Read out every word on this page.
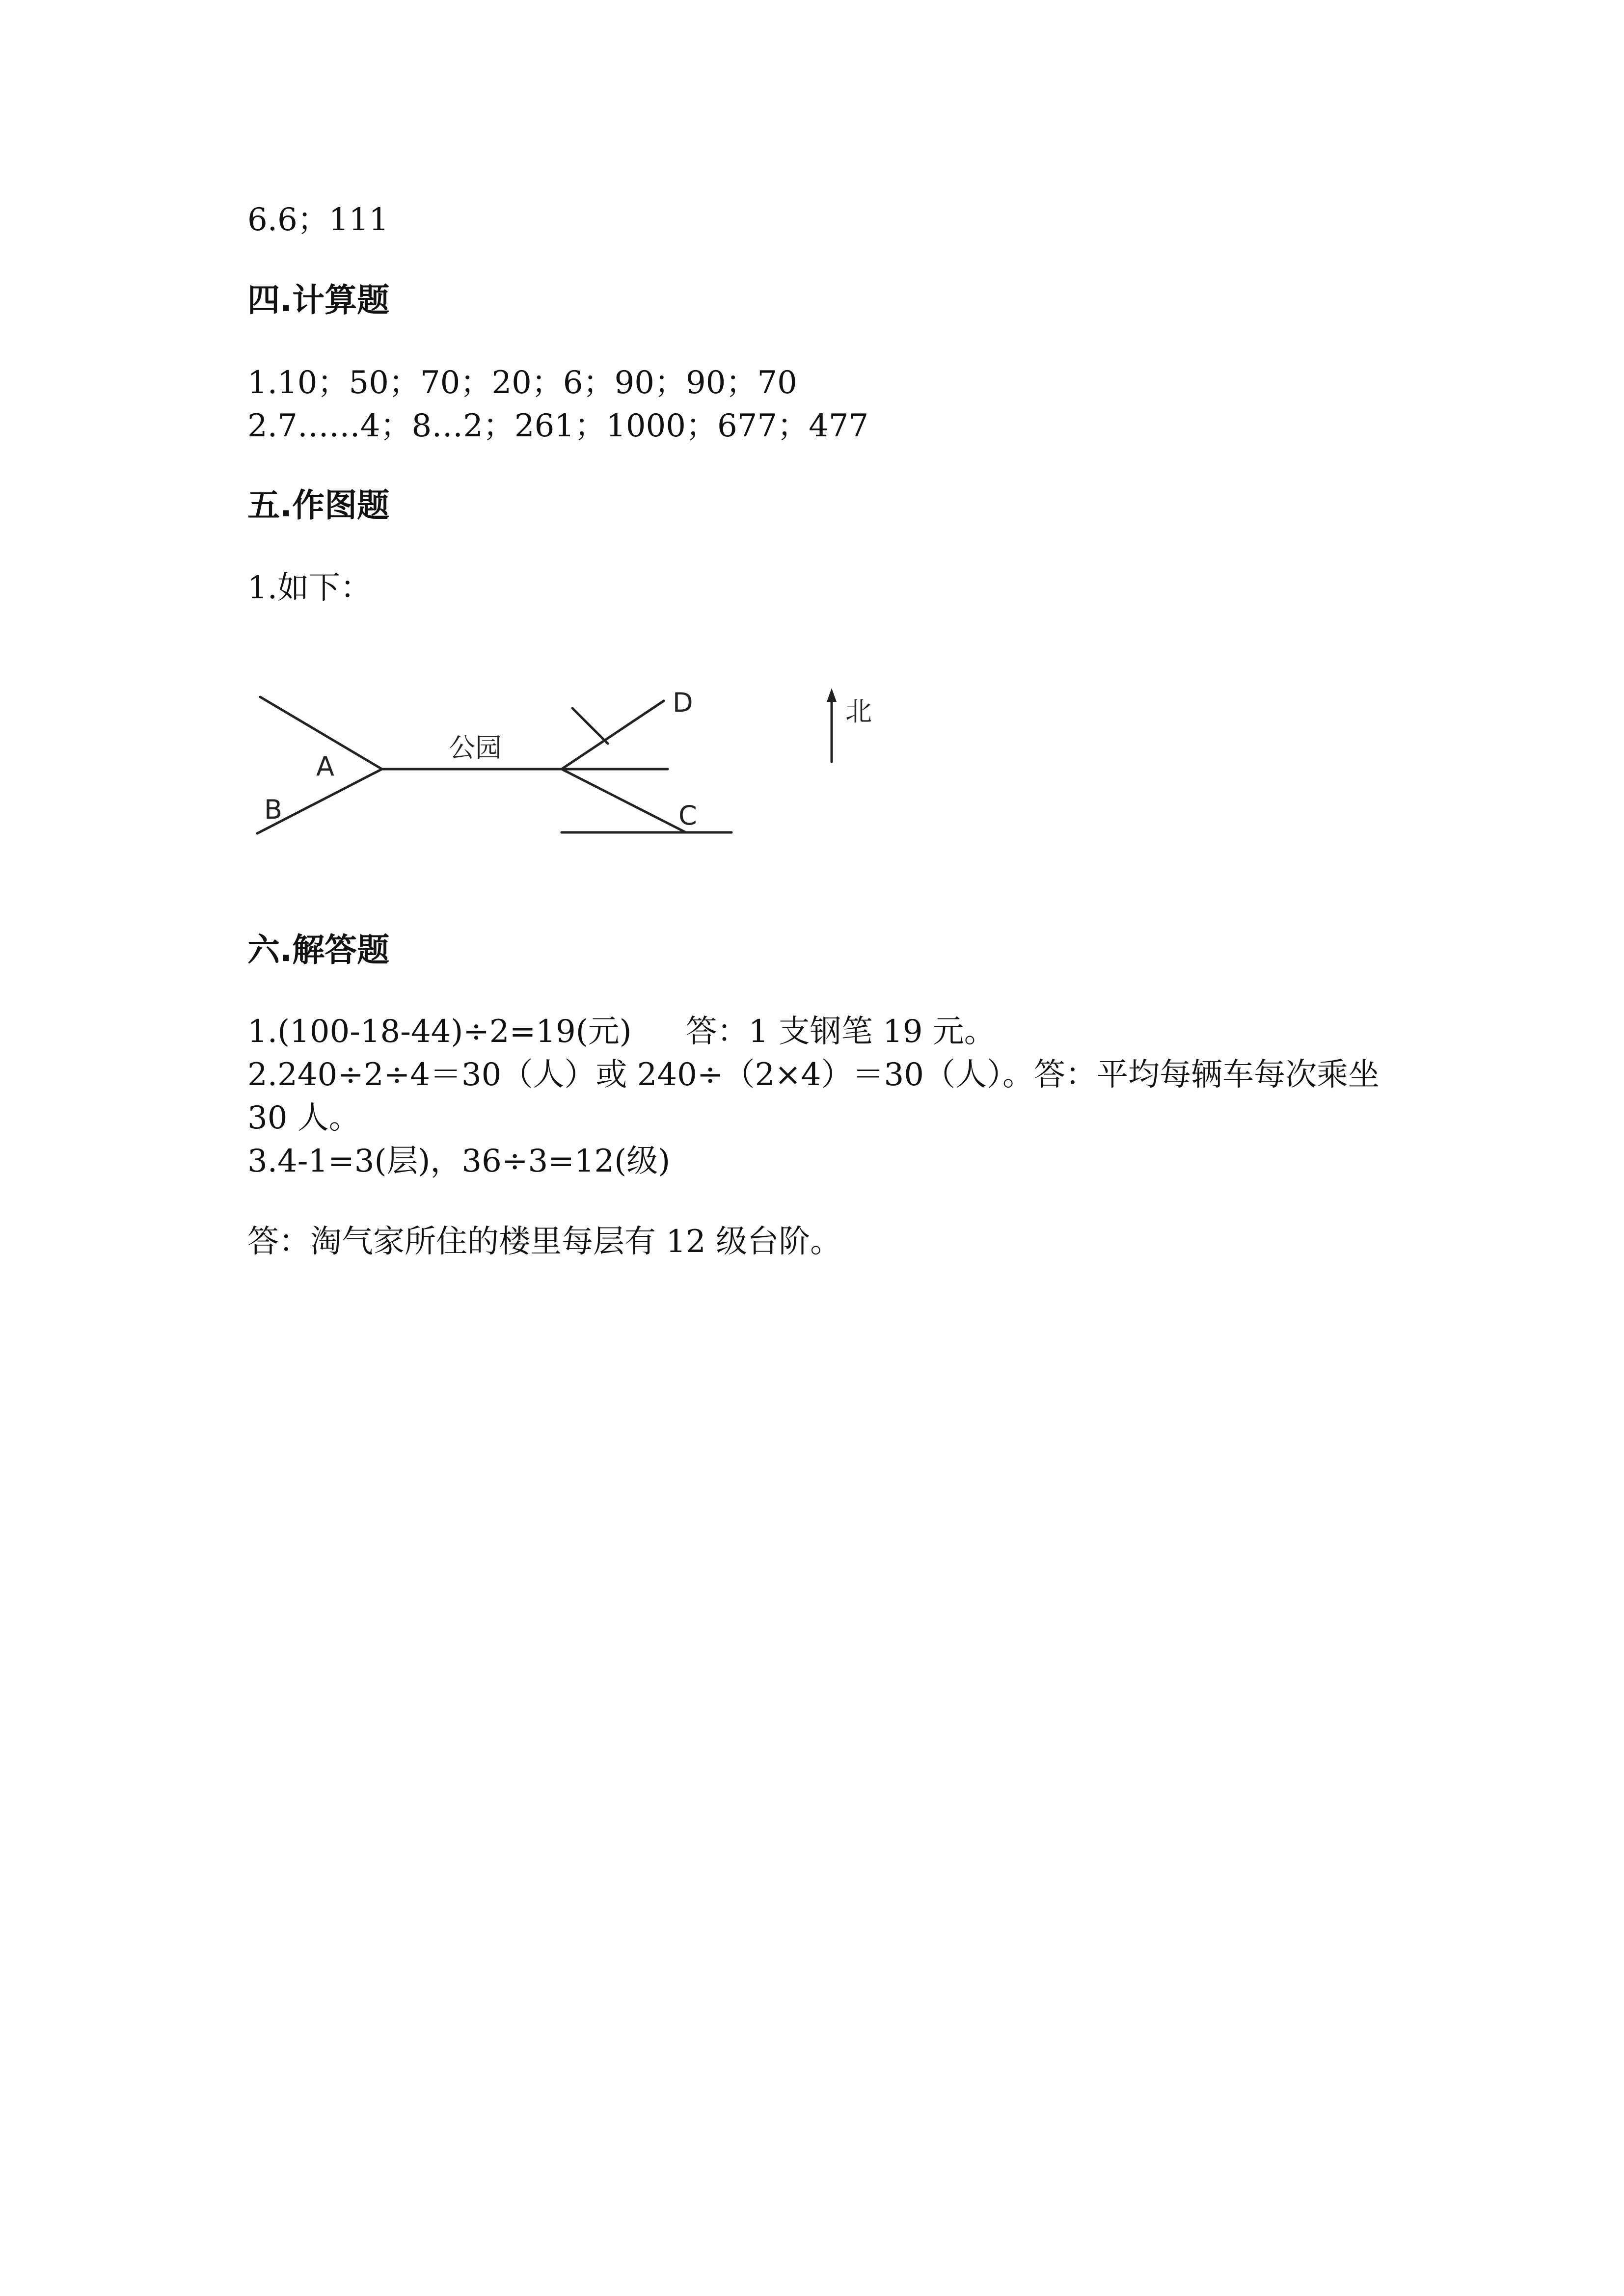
6.6；111
四.计算题
1.10；50；70；20；6；90；90；70
2.7……4；8…2；261；1000；677；477
五.作图题
1.如下：
A
B
公园
D
C
北
六.解答题
1.(100-18-44)÷2=19(元) 答：1 支钢笔 19 元。
2.240÷2÷4＝30（人）或 240÷（2×4）＝30（人）。答：平均每辆车每次乘坐 30 人。
3.4-1=3(层)，36÷3=12(级)
答：淘气家所住的楼里每层有 12 级台阶。
